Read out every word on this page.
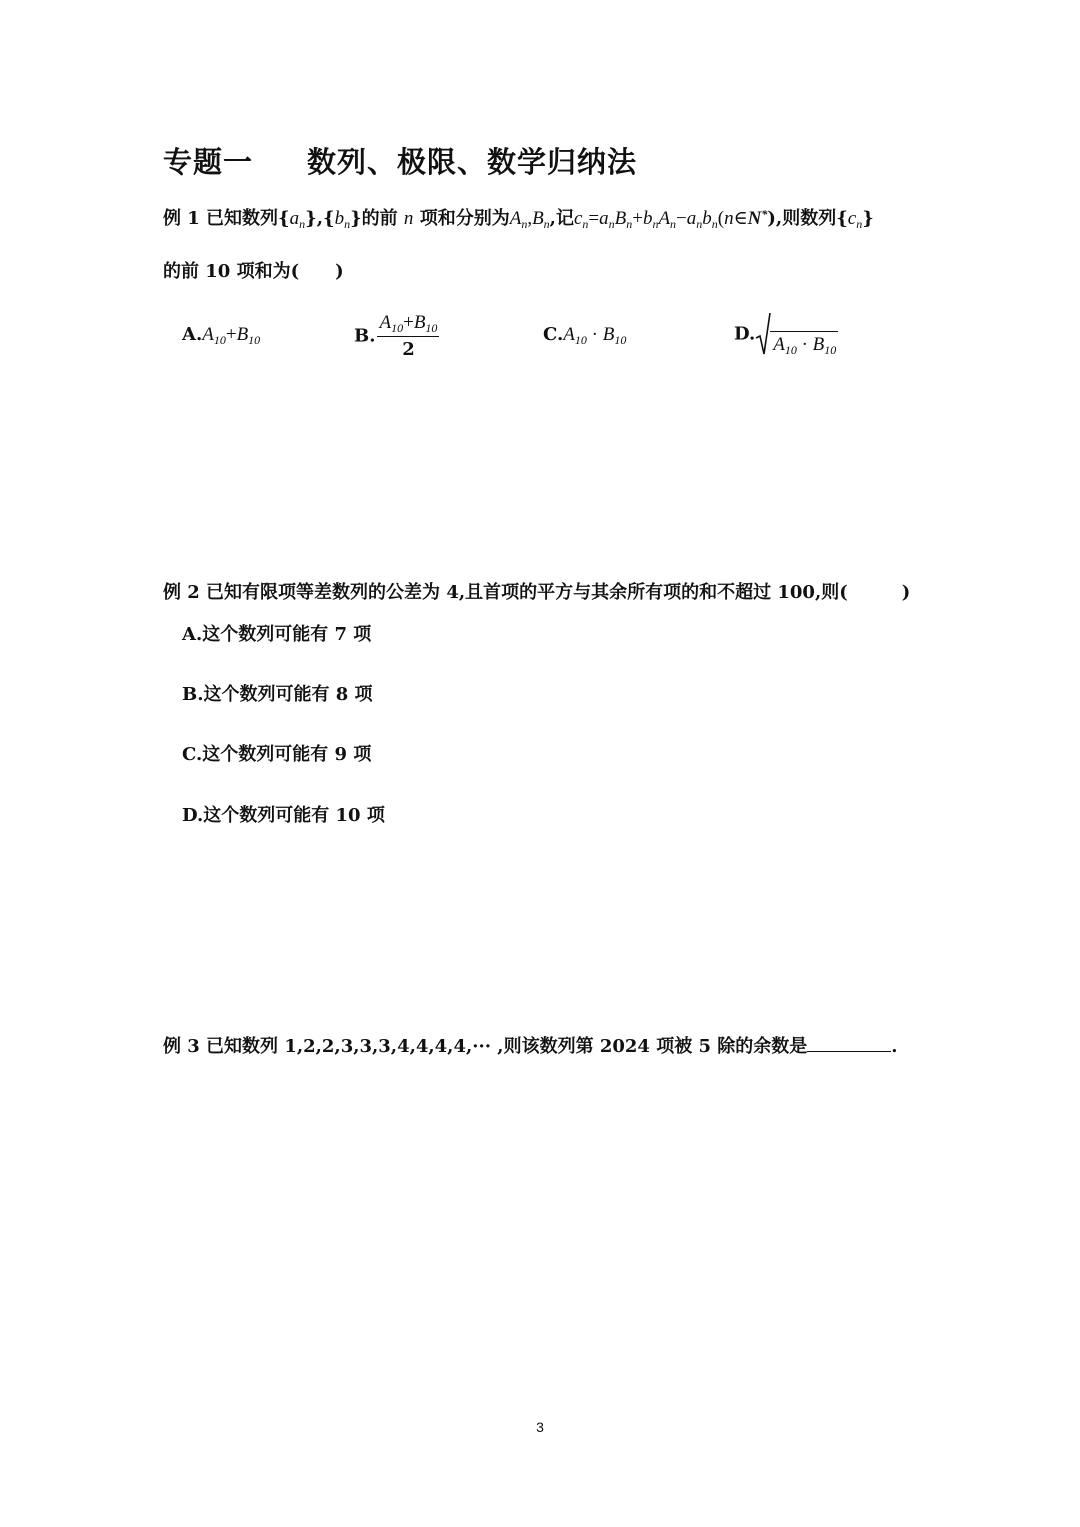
专题一 数列、极限、数学归纳法
例 1 已知数列$\{a_n\},\{b_n\}$的前 n 项和分别为$A_n,B_n$,记$c_n=a_nB_n+b_nA_n-a_nb_n(n\in N^*)$,则数列$\{c_n\}$
的前 10 项和为(　　)
$A.A_{10}+B_{10}$	B. $\frac{A_{10}+B_{10}}{2}$	$C.A_{10} \cdot B_{10}$	D. $A_{10} \cdot B_{10}$
例 2 已知有限项等差数列的公差为 4,且首项的平方与其余所有项的和不超过 100,则(　　　)
A.这个数列可能有 7 项
B.这个数列可能有 8 项
C.这个数列可能有 9 项
D.这个数列可能有 10 项
例 3 已知数列 1,2,2,3,3,3,4,4,4,4,··· ,则该数列第 2024 项被 5 除的余数是	.
3
